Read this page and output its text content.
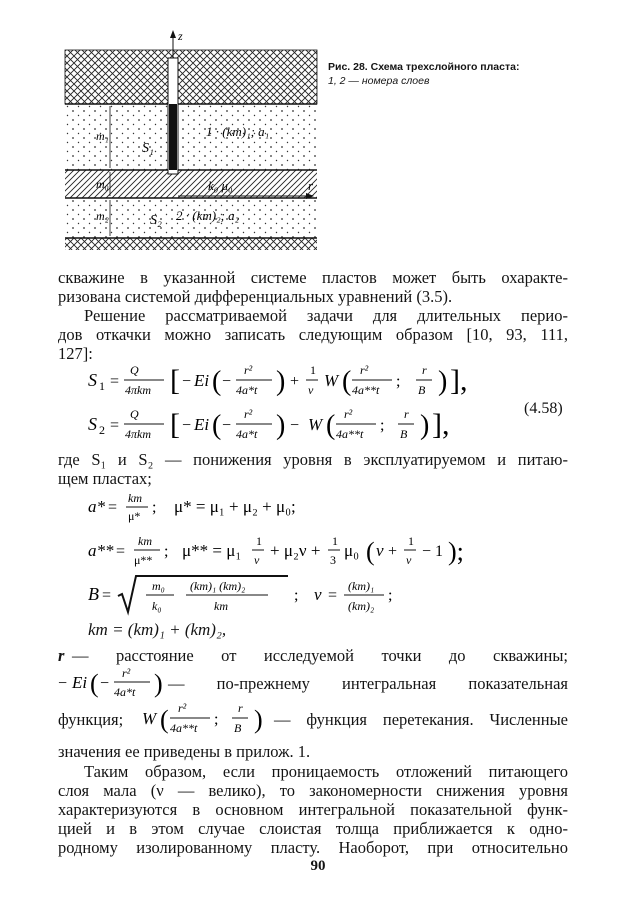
z
r
m₁
m₀
m₂
S₁
S₂
1 · (km)₁; a₁
k₀ μ₀
2 · (km)₂; a₂
Рис. 28. Схема трехслойного пласта:
1, 2 — номера слоев

скважине в указанной системе пластов может быть охарактe-

ризована системой дифференциальных уравнений (3.5).

Решение рассматриваемой задачи для длительных перио-

дов откачки можно записать следующим образом [10, 93, 111,

127]:

S 1 =
Q
4πkm [ − Ei ( −
r²
4a*t ) +
1
ν W ( r²
4a**t ;
r
B ) ],
(4.58)
S 2 =
Q
4πkm [ − Ei ( −
r²
4a*t ) − W ( r²
4a**t ;
r
B ) ],

где S₁ и S₂ — понижения уровня в эксплуатируемом и питаю-

щем пластах;

a* =
km
μ* ; μ* = μ₁ + μ₂ + μ₀;
a** =
km
μ** ; μ** = μ₁ 1
ν + μ₂ν + 1
3 μ₀ ( ν +
1
ν − 1 );
B =
m₀
k₀
(km)₁ (km)₂
km
; ν =
(km)₁
(km)₂
;
km = (km)₁ + (km)₂,
r — расстояние от исследуемой точки до скважины;

− Ei ( −
r²
4a*t ) — по-прежнему интегральная показательная

функция; W ( r²
4a**t ;
r
B ) — функция перетекания. Численные

значения ее приведены в прилож. 1.

Таким образом, если проницаемость отложений питающего

слоя мала (ν — велико), то закономерности снижения уровня

характеризуются в основном интегральной показательной функ-

цией и в этом случае слоистая толща приближается к одно-

родному изолированному пласту. Наоборот, при относительно

90
